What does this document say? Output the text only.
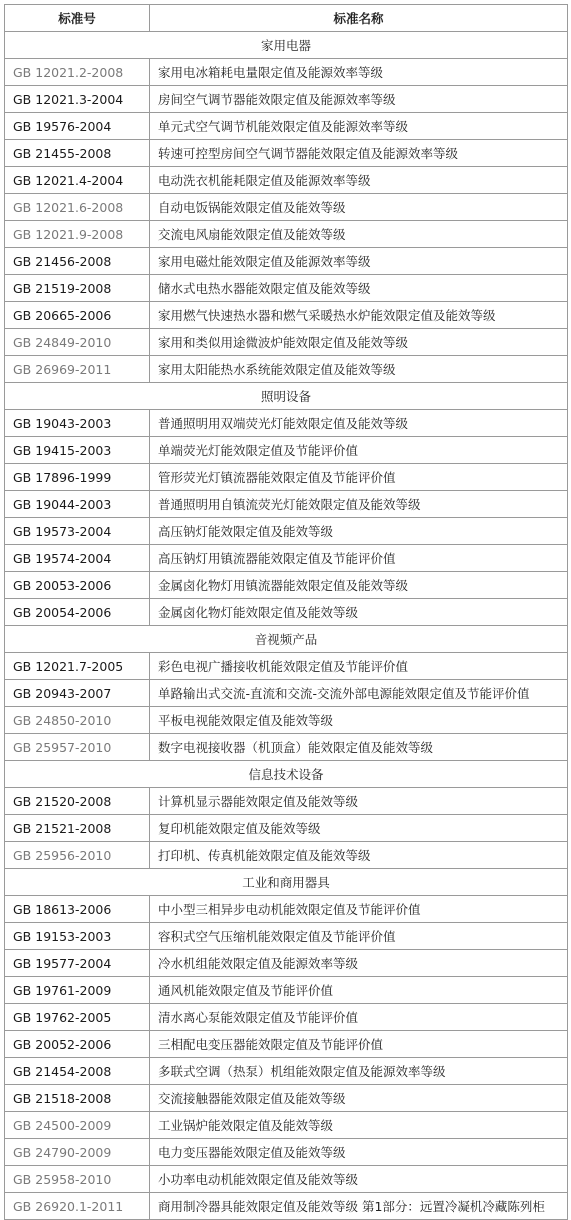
标准号	标准名称
家用电器	
GB 12021.2-2008	家用电冰箱耗电量限定值及能源效率等级
GB 12021.3-2004	房间空气调节器能效限定值及能源效率等级
GB 19576-2004	单元式空气调节机能效限定值及能源效率等级
GB 21455-2008	转速可控型房间空气调节器能效限定值及能源效率等级
GB 12021.4-2004	电动洗衣机能耗限定值及能源效率等级
GB 12021.6-2008	自动电饭锅能效限定值及能效等级
GB 12021.9-2008	交流电风扇能效限定值及能效等级
GB 21456-2008	家用电磁灶能效限定值及能源效率等级
GB 21519-2008	储水式电热水器能效限定值及能效等级
GB 20665-2006	家用燃气快速热水器和燃气采暖热水炉能效限定值及能效等级
GB 24849-2010	家用和类似用途微波炉能效限定值及能效等级
GB 26969-2011	家用太阳能热水系统能效限定值及能效等级
照明设备	
GB 19043-2003	普通照明用双端荧光灯能效限定值及能效等级
GB 19415-2003	单端荧光灯能效限定值及节能评价值
GB 17896-1999	管形荧光灯镇流器能效限定值及节能评价值
GB 19044-2003	普通照明用自镇流荧光灯能效限定值及能效等级
GB 19573-2004	高压钠灯能效限定值及能效等级
GB 19574-2004	高压钠灯用镇流器能效限定值及节能评价值
GB 20053-2006	金属卤化物灯用镇流器能效限定值及能效等级
GB 20054-2006	金属卤化物灯能效限定值及能效等级
音视频产品	
GB 12021.7-2005	彩色电视广播接收机能效限定值及节能评价值
GB 20943-2007	单路输出式交流-直流和交流-交流外部电源能效限定值及节能评价值
GB 24850-2010	平板电视能效限定值及能效等级
GB 25957-2010	数字电视接收器（机顶盒）能效限定值及能效等级
信息技术设备	
GB 21520-2008	计算机显示器能效限定值及能效等级
GB 21521-2008	复印机能效限定值及能效等级
GB 25956-2010	打印机、传真机能效限定值及能效等级
工业和商用器具	
GB 18613-2006	中小型三相异步电动机能效限定值及节能评价值
GB 19153-2003	容积式空气压缩机能效限定值及节能评价值
GB 19577-2004	冷水机组能效限定值及能源效率等级
GB 19761-2009	通风机能效限定值及节能评价值
GB 19762-2005	清水离心泵能效限定值及节能评价值
GB 20052-2006	三相配电变压器能效限定值及节能评价值
GB 21454-2008	多联式空调（热泵）机组能效限定值及能源效率等级
GB 21518-2008	交流接触器能效限定值及能效等级
GB 24500-2009	工业锅炉能效限定值及能效等级
GB 24790-2009	电力变压器能效限定值及能效等级
GB 25958-2010	小功率电动机能效限定值及能效等级
GB 26920.1-2011	商用制冷器具能效限定值及能效等级 第1部分：远置冷凝机冷藏陈列柜
